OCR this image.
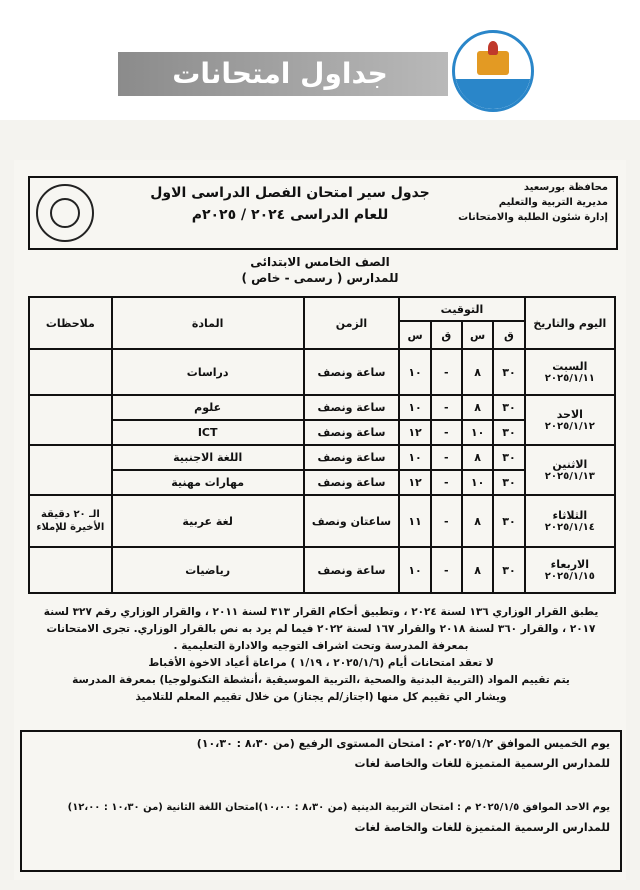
جداول امتحانات
محافظة بورسعيد
مديرية التربية والتعليم
إدارة شئون الطلبة والامتحانات
جدول سير امتحان الفصل الدراسى الاول
للعام الدراسى ٢٠٢٤ / ٢٠٢٥م
الصف الخامس الابتدائى
للمدارس ( رسمى - خاص )
اليوم والتاريخ	التوقيت				الزمن	المادة	ملاحظات
	ق	س	ق	س			

السبت
٢٠٢٥/١/١١	٣٠	٨	-	١٠	ساعة ونصف	دراسات	

الاحد
٢٠٢٥/١/١٢	٣٠	٨	-	١٠	ساعة ونصف	علوم	
	٣٠	١٠	-	١٢	ساعة ونصف	ICT	

الاثنين
٢٠٢٥/١/١٣	٣٠	٨	-	١٠	ساعة ونصف	اللغة الاجنبية	
	٣٠	١٠	-	١٢	ساعة ونصف	مهارات مهنية	

الثلاثاء
٢٠٢٥/١/١٤	٣٠	٨	-	١١	ساعتان ونصف	لغة عربية	الـ ٢٠ دقيقة الأخيرة للإملاء

الاربعاء
٢٠٢٥/١/١٥	٣٠	٨	-	١٠	ساعة ونصف	رياضيات	
يطبق القرار الوزاري ١٣٦ لسنة ٢٠٢٤ ، وتطبيق أحكام القرار ٣١٣ لسنة ٢٠١١ ، والقرار الوزاري رقم ٣٢٧ لسنة
٢٠١٧ ، والقرار ٣٦٠ لسنة ٢٠١٨ والقرار ١٦٧ لسنة ٢٠٢٢ فيما لم يرد به نص بالقرار الوزاري. تجرى الامتحانات
بمعرفة المدرسة وتحت اشراف التوجيه والادارة التعليمية .
لا تعقد امتحانات أيام (٢٠٢٥/١/٦ ، ١/١٩ ) مراعاة أعياد الاخوة الأقباط
يتم تقييم المواد (التربية البدنية والصحية ،التربية الموسيقية ،أنشطة التكنولوجيا) بمعرفة المدرسة
ويشار الي تقييم كل منها (اجتاز/لم يجتاز) من خلال تقييم المعلم للتلاميذ
يوم الخميس الموافق ٢٠٢٥/١/٢م : امتحان المستوى الرفيع (من ٨،٣٠ : ١٠،٣٠)
للمدارس الرسمية المتميزة للغات والخاصة لغات
يوم الاحد الموافق ٢٠٢٥/١/٥ م : امتحان التربية الدينية (من ٨،٣٠ : ١٠،٠٠)امتحان اللغة الثانية (من ١٠،٣٠ : ١٢،٠٠)
للمدارس الرسمية المتميزة للغات والخاصة لغات
